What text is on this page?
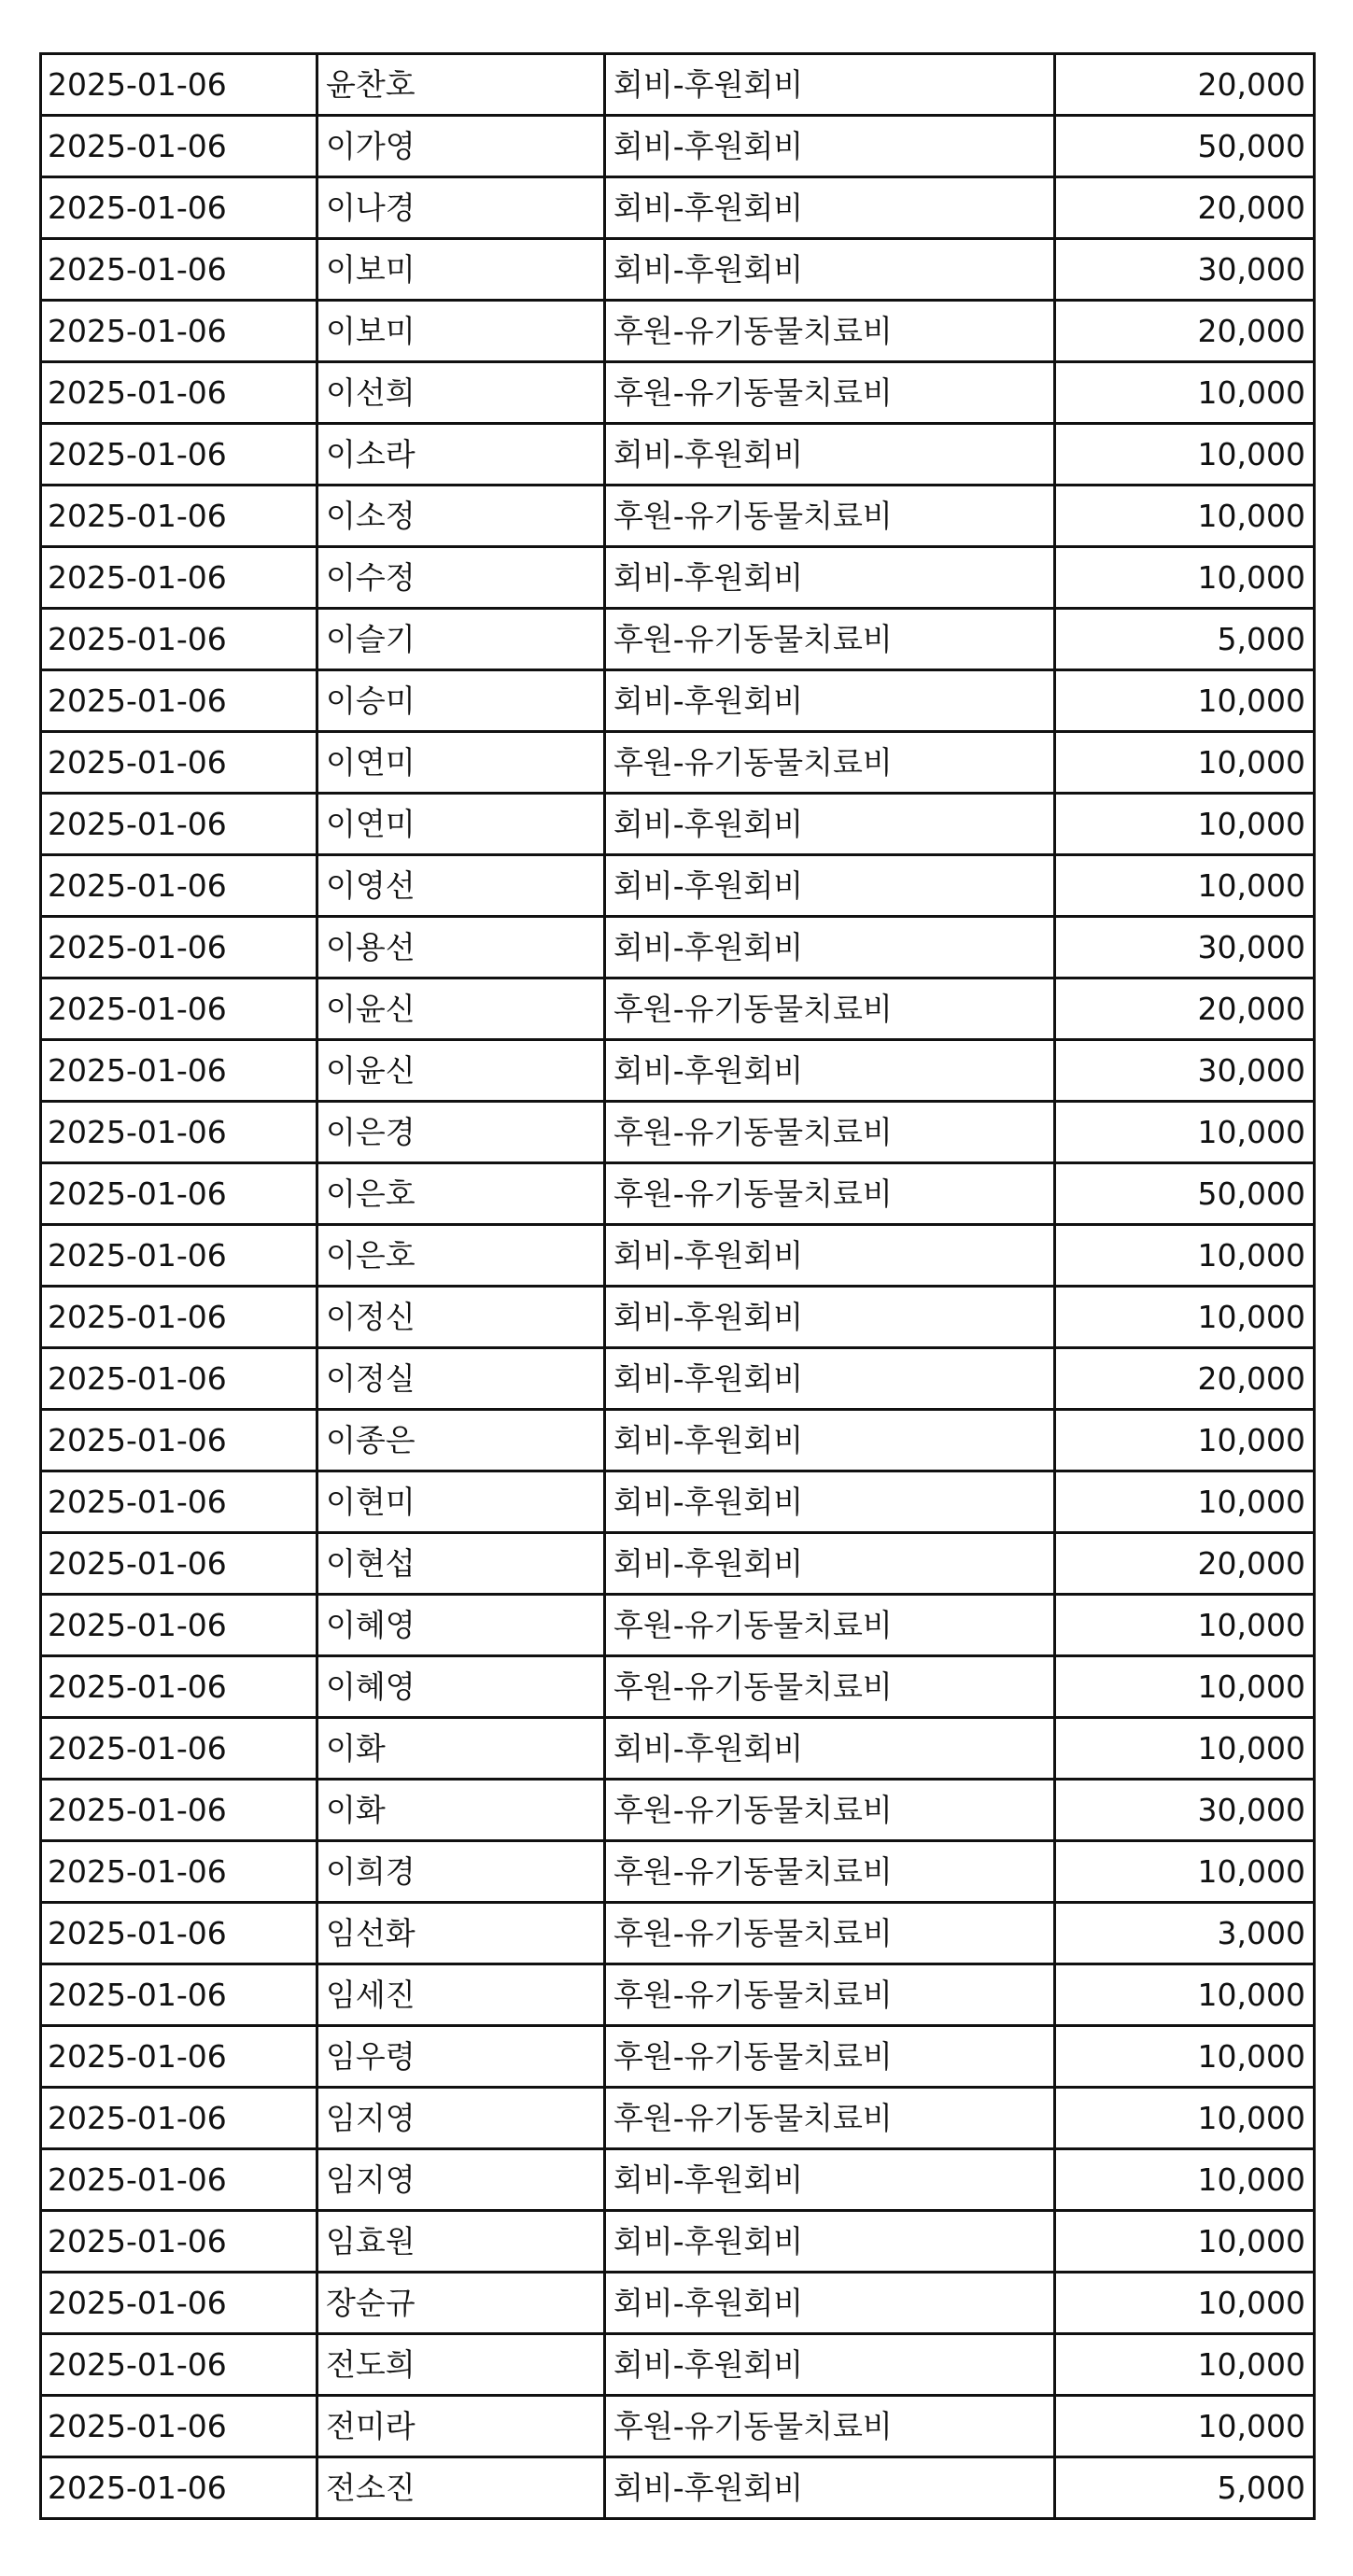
2025-01-06	윤찬호	회비-후원회비	20,000
2025-01-06	이가영	회비-후원회비	50,000
2025-01-06	이나경	회비-후원회비	20,000
2025-01-06	이보미	회비-후원회비	30,000
2025-01-06	이보미	후원-유기동물치료비	20,000
2025-01-06	이선희	후원-유기동물치료비	10,000
2025-01-06	이소라	회비-후원회비	10,000
2025-01-06	이소정	후원-유기동물치료비	10,000
2025-01-06	이수정	회비-후원회비	10,000
2025-01-06	이슬기	후원-유기동물치료비	5,000
2025-01-06	이승미	회비-후원회비	10,000
2025-01-06	이연미	후원-유기동물치료비	10,000
2025-01-06	이연미	회비-후원회비	10,000
2025-01-06	이영선	회비-후원회비	10,000
2025-01-06	이용선	회비-후원회비	30,000
2025-01-06	이윤신	후원-유기동물치료비	20,000
2025-01-06	이윤신	회비-후원회비	30,000
2025-01-06	이은경	후원-유기동물치료비	10,000
2025-01-06	이은호	후원-유기동물치료비	50,000
2025-01-06	이은호	회비-후원회비	10,000
2025-01-06	이정신	회비-후원회비	10,000
2025-01-06	이정실	회비-후원회비	20,000
2025-01-06	이종은	회비-후원회비	10,000
2025-01-06	이현미	회비-후원회비	10,000
2025-01-06	이현섭	회비-후원회비	20,000
2025-01-06	이혜영	후원-유기동물치료비	10,000
2025-01-06	이혜영	후원-유기동물치료비	10,000
2025-01-06	이화	회비-후원회비	10,000
2025-01-06	이화	후원-유기동물치료비	30,000
2025-01-06	이희경	후원-유기동물치료비	10,000
2025-01-06	임선화	후원-유기동물치료비	3,000
2025-01-06	임세진	후원-유기동물치료비	10,000
2025-01-06	임우령	후원-유기동물치료비	10,000
2025-01-06	임지영	후원-유기동물치료비	10,000
2025-01-06	임지영	회비-후원회비	10,000
2025-01-06	임효원	회비-후원회비	10,000
2025-01-06	장순규	회비-후원회비	10,000
2025-01-06	전도희	회비-후원회비	10,000
2025-01-06	전미라	후원-유기동물치료비	10,000
2025-01-06	전소진	회비-후원회비	5,000
